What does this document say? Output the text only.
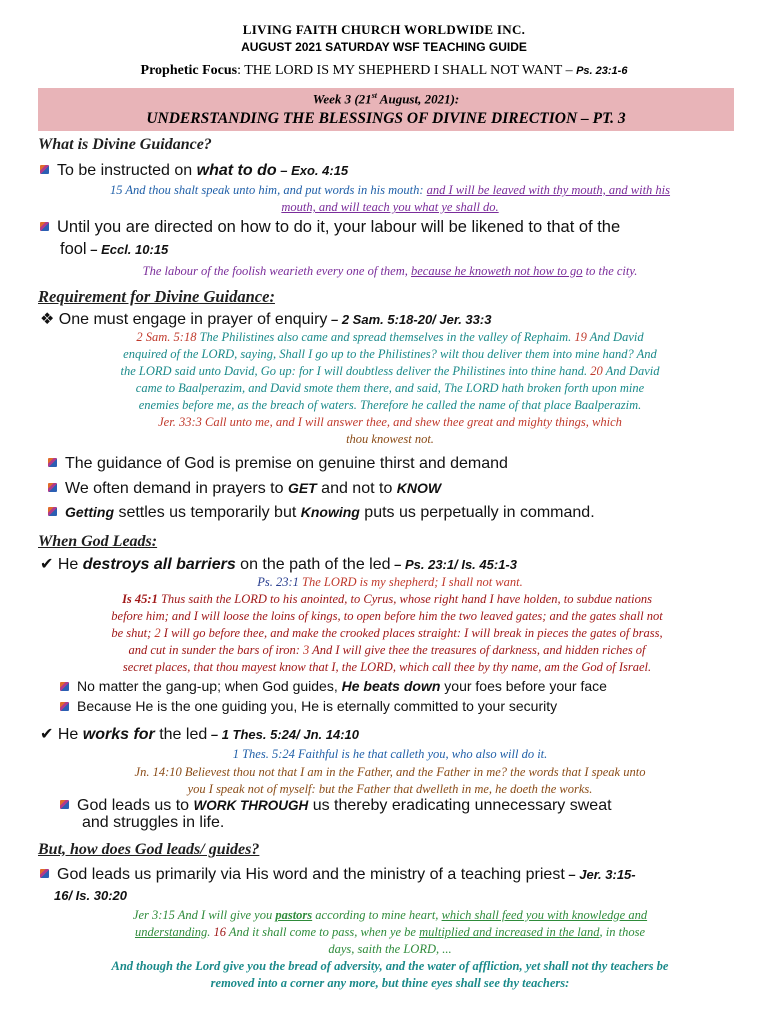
LIVING FAITH CHURCH WORLDWIDE INC.
AUGUST 2021 SATURDAY WSF TEACHING GUIDE
Prophetic Focus: THE LORD IS MY SHEPHERD I SHALL NOT WANT – Ps. 23:1-6
Week 3 (21st August, 2021):
UNDERSTANDING THE BLESSINGS OF DIVINE DIRECTION – PT. 3
What is Divine Guidance?
To be instructed on what to do – Exo. 4:15
15 And thou shalt speak unto him, and put words in his mouth: and I will be leaved with thy mouth, and with his
mouth, and will teach you what ye shall do.
Until you are directed on how to do it, your labour will be likened to that of the
fool – Eccl. 10:15
The labour of the foolish wearieth every one of them, because he knoweth not how to go to the city.
Requirement for Divine Guidance:
❖ One must engage in prayer of enquiry – 2 Sam. 5:18-20/ Jer. 33:3
2 Sam. 5:18 The Philistines also came and spread themselves in the valley of Rephaim. 19 And David
enquired of the LORD, saying, Shall I go up to the Philistines? wilt thou deliver them into mine hand? And
the LORD said unto David, Go up: for I will doubtless deliver the Philistines into thine hand. 20 And David
came to Baalperazim, and David smote them there, and said, The LORD hath broken forth upon mine
enemies before me, as the breach of waters. Therefore he called the name of that place Baalperazim.
Jer. 33:3 Call unto me, and I will answer thee, and shew thee great and mighty things, which
thou knowest not.
The guidance of God is premise on genuine thirst and demand
We often demand in prayers to GET and not to KNOW
Getting settles us temporarily but Knowing puts us perpetually in command.
When God Leads:
✔ He destroys all barriers on the path of the led – Ps. 23:1/ Is. 45:1-3
Ps. 23:1 The LORD is my shepherd; I shall not want.
Is 45:1 Thus saith the LORD to his anointed, to Cyrus, whose right hand I have holden, to subdue nations
before him; and I will loose the loins of kings, to open before him the two leaved gates; and the gates shall not
be shut; 2 I will go before thee, and make the crooked places straight: I will break in pieces the gates of brass,
and cut in sunder the bars of iron: 3 And I will give thee the treasures of darkness, and hidden riches of
secret places, that thou mayest know that I, the LORD, which call thee by thy name, am the God of Israel.
No matter the gang-up; when God guides, He beats down your foes before your face
Because He is the one guiding you, He is eternally committed to your security
✔ He works for the led – 1 Thes. 5:24/ Jn. 14:10
1 Thes. 5:24 Faithful is he that calleth you, who also will do it.
Jn. 14:10 Believest thou not that I am in the Father, and the Father in me? the words that I speak unto
you I speak not of myself: but the Father that dwelleth in me, he doeth the works.
God leads us to WORK THROUGH us thereby eradicating unnecessary sweat
and struggles in life.
But, how does God leads/ guides?
God leads us primarily via His word and the ministry of a teaching priest – Jer. 3:15-
16/ Is. 30:20
Jer 3:15 And I will give you pastors according to mine heart, which shall feed you with knowledge and
understanding. 16 And it shall come to pass, when ye be multiplied and increased in the land, in those
days, saith the LORD, ...
And though the Lord give you the bread of adversity, and the water of affliction, yet shall not thy teachers be
removed into a corner any more, but thine eyes shall see thy teachers:
